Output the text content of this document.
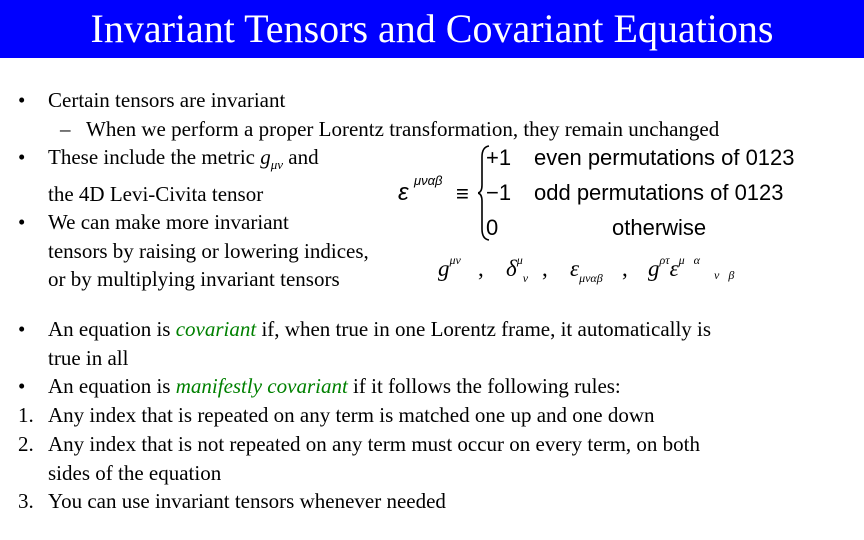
Invariant Tensors and Covariant Equations
• Certain tensors are invariant
– When we perform a proper Lorentz transformation, they remain unchanged
• These include the metric $g_{\mu\nu}$ and
the 4D Levi-Civita tensor
• We can make more invariant
tensors by raising or lowering indices,
or by multiplying invariant tensors
ε μναβ
≡
+1 even permutations of 0123
−1 odd permutations of 0123
0	otherwise
$g^{\mu\nu}$ , $\delta^\mu_\nu$ , $\varepsilon_{\mu\nu\alpha\beta}$ , $g^{\rho\tau}\varepsilon^{\mu \alpha}$
ν   β
• An equation is covariant if, when true in one Lorentz frame, it automatically is
true in all
• An equation is manifestly covariant if it follows the following rules:
1. Any index that is repeated on any term is matched one up and one down
2. Any index that is not repeated on any term must occur on every term, on both
sides of the equation
3. You can use invariant tensors whenever needed
